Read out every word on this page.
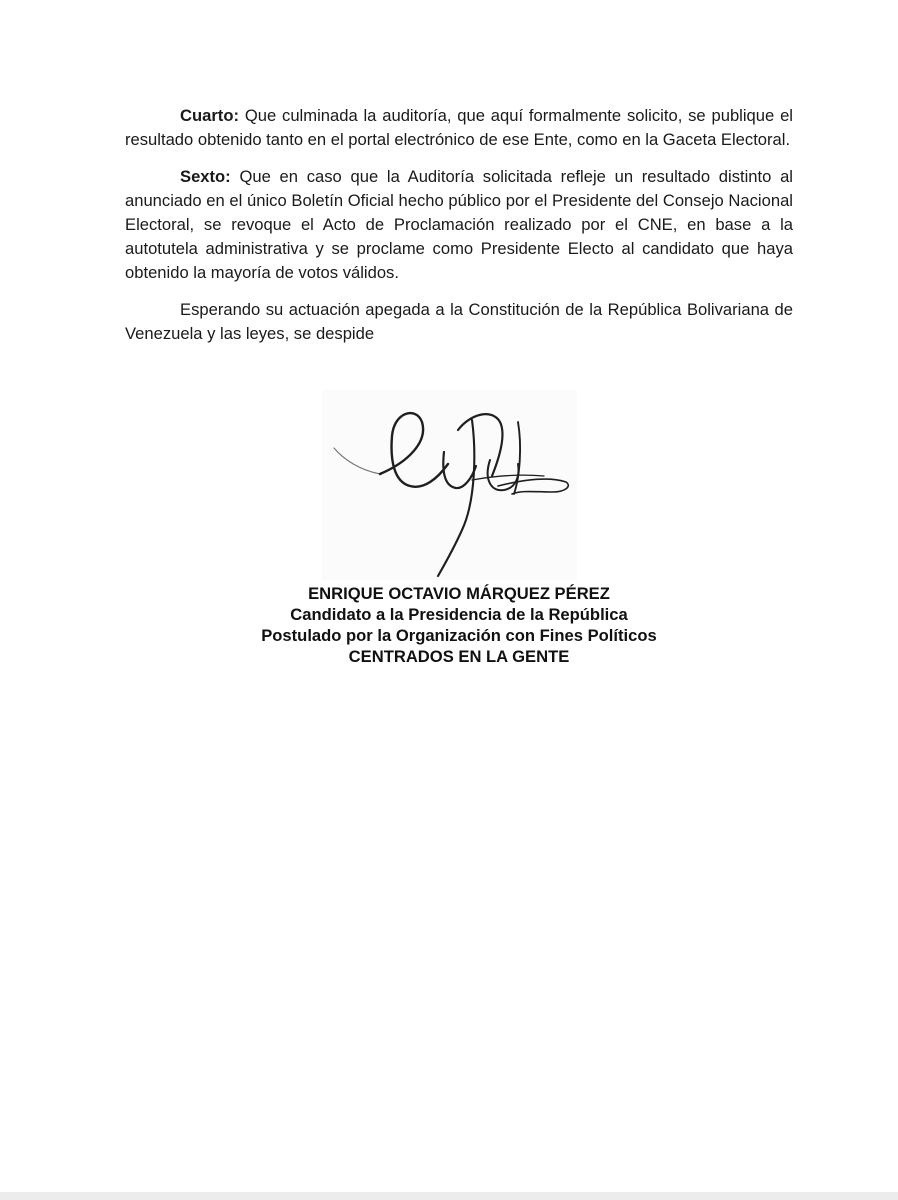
Cuarto: Que culminada la auditoría, que aquí formalmente solicito, se publique el resultado obtenido tanto en el portal electrónico de ese Ente, como en la Gaceta Electoral.

Sexto: Que en caso que la Auditoría solicitada refleje un resultado distinto al anunciado en el único Boletín Oficial hecho público por el Presidente del Consejo Nacional Electoral, se revoque el Acto de Proclamación realizado por el CNE, en base a la autotutela administrativa y se proclame como Presidente Electo al candidato que haya obtenido la mayoría de votos válidos.

Esperando su actuación apegada a la Constitución de la República Bolivariana de Venezuela y las leyes, se despide

ENRIQUE OCTAVIO MÁRQUEZ PÉREZ
Candidato a la Presidencia de la República
Postulado por la Organización con Fines Políticos
CENTRADOS EN LA GENTE
